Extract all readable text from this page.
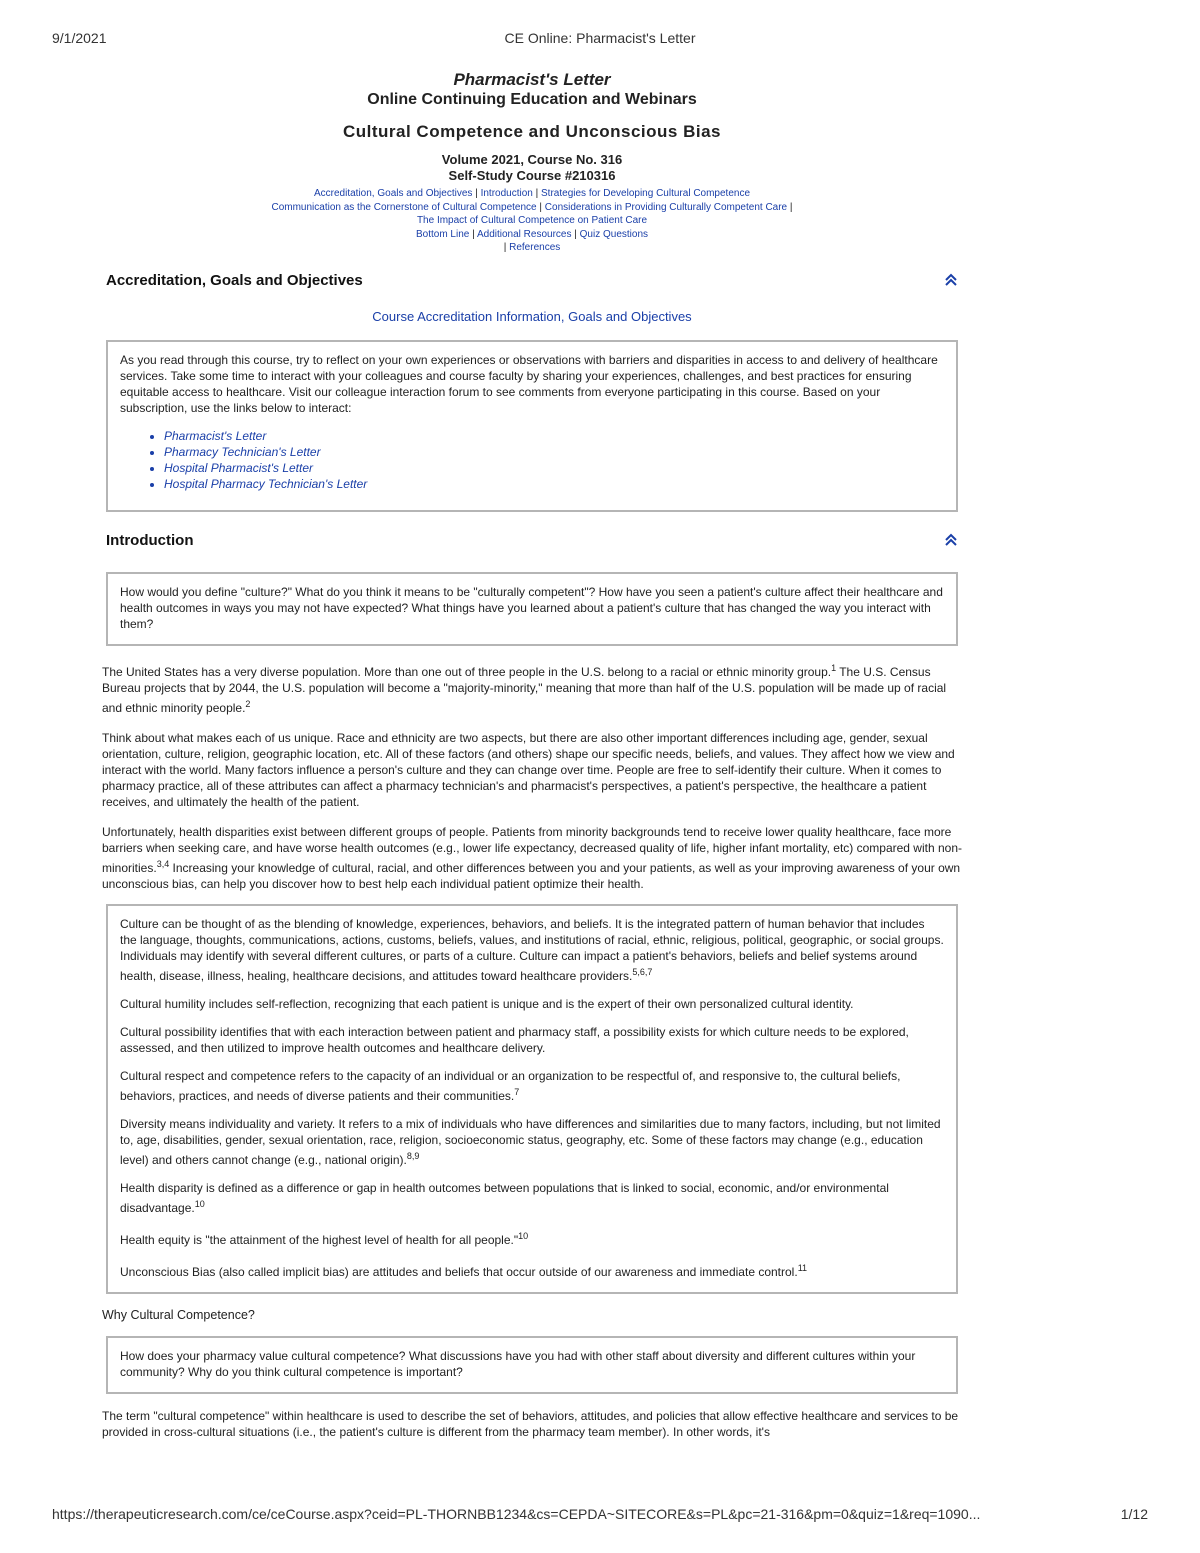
9/1/2021	CE Online: Pharmacist's Letter
Pharmacist's Letter
Online Continuing Education and Webinars
Cultural Competence and Unconscious Bias
Volume 2021, Course No. 316
Self-Study Course #210316
Accreditation, Goals and Objectives | Introduction | Strategies for Developing Cultural Competence
Communication as the Cornerstone of Cultural Competence | Considerations in Providing Culturally Competent Care |
The Impact of Cultural Competence on Patient Care
Bottom Line | Additional Resources | Quiz Questions
| References
Accreditation, Goals and Objectives
Course Accreditation Information, Goals and Objectives

As you read through this course, try to reflect on your own experiences or observations with barriers and disparities in access to and delivery of healthcare services. Take some time to interact with your colleagues and course faculty by sharing your experiences, challenges, and best practices for ensuring equitable access to healthcare. Visit our colleague interaction forum to see comments from everyone participating in this course. Based on your subscription, use the links below to interact:

• Pharmacist's Letter
• Pharmacy Technician's Letter
• Hospital Pharmacist's Letter
• Hospital Pharmacy Technician's Letter
Introduction

How would you define "culture?" What do you think it means to be "culturally competent"? How have you seen a patient's culture affect their healthcare and health outcomes in ways you may not have expected? What things have you learned about a patient's culture that has changed the way you interact with them?

The United States has a very diverse population. More than one out of three people in the U.S. belong to a racial or ethnic minority group.$^1$ The U.S. Census Bureau projects that by 2044, the U.S. population will become a "majority-minority," meaning that more than half of the U.S. population will be made up of racial and ethnic minority people.$^2$

Think about what makes each of us unique. Race and ethnicity are two aspects, but there are also other important differences including age, gender, sexual orientation, culture, religion, geographic location, etc. All of these factors (and others) shape our specific needs, beliefs, and values. They affect how we view and interact with the world. Many factors influence a person's culture and they can change over time. People are free to self-identify their culture. When it comes to pharmacy practice, all of these attributes can affect a pharmacy technician's and pharmacist's perspectives, a patient's perspective, the healthcare a patient receives, and ultimately the health of the patient.

Unfortunately, health disparities exist between different groups of people. Patients from minority backgrounds tend to receive lower quality healthcare, face more barriers when seeking care, and have worse health outcomes (e.g., lower life expectancy, decreased quality of life, higher infant mortality, etc) compared with non-minorities.$^{3,4}$ Increasing your knowledge of cultural, racial, and other differences between you and your patients, as well as your improving awareness of your own unconscious bias, can help you discover how to best help each individual patient optimize their health.

Culture can be thought of as the blending of knowledge, experiences, behaviors, and beliefs. It is the integrated pattern of human behavior that includes the language, thoughts, communications, actions, customs, beliefs, values, and institutions of racial, ethnic, religious, political, geographic, or social groups. Individuals may identify with several different cultures, or parts of a culture. Culture can impact a patient's behaviors, beliefs and belief systems around health, disease, illness, healing, healthcare decisions, and attitudes toward healthcare providers.$^{5,6,7}$

Cultural humility includes self-reflection, recognizing that each patient is unique and is the expert of their own personalized cultural identity.

Cultural possibility identifies that with each interaction between patient and pharmacy staff, a possibility exists for which culture needs to be explored, assessed, and then utilized to improve health outcomes and healthcare delivery.

Cultural respect and competence refers to the capacity of an individual or an organization to be respectful of, and responsive to, the cultural beliefs, behaviors, practices, and needs of diverse patients and their communities.$^7$

Diversity means individuality and variety. It refers to a mix of individuals who have differences and similarities due to many factors, including, but not limited to, age, disabilities, gender, sexual orientation, race, religion, socioeconomic status, geography, etc. Some of these factors may change (e.g., education level) and others cannot change (e.g., national origin).$^{8,9}$

Health disparity is defined as a difference or gap in health outcomes between populations that is linked to social, economic, and/or environmental disadvantage.$^{10}$

Health equity is "the attainment of the highest level of health for all people."$^{10}$

Unconscious Bias (also called implicit bias) are attitudes and beliefs that occur outside of our awareness and immediate control.$^{11}$

Why Cultural Competence?

How does your pharmacy value cultural competence? What discussions have you had with other staff about diversity and different cultures within your community? Why do you think cultural competence is important?

The term "cultural competence" within healthcare is used to describe the set of behaviors, attitudes, and policies that allow effective healthcare and services to be provided in cross-cultural situations (i.e., the patient's culture is different from the pharmacy team member). In other words, it's

https://therapeuticresearch.com/ce/ceCourse.aspx?ceid=PL-THORNBB1234&cs=CEPDA~SITECORE&s=PL&pc=21-316&pm=0&quiz=1&req=1090...	1/12
